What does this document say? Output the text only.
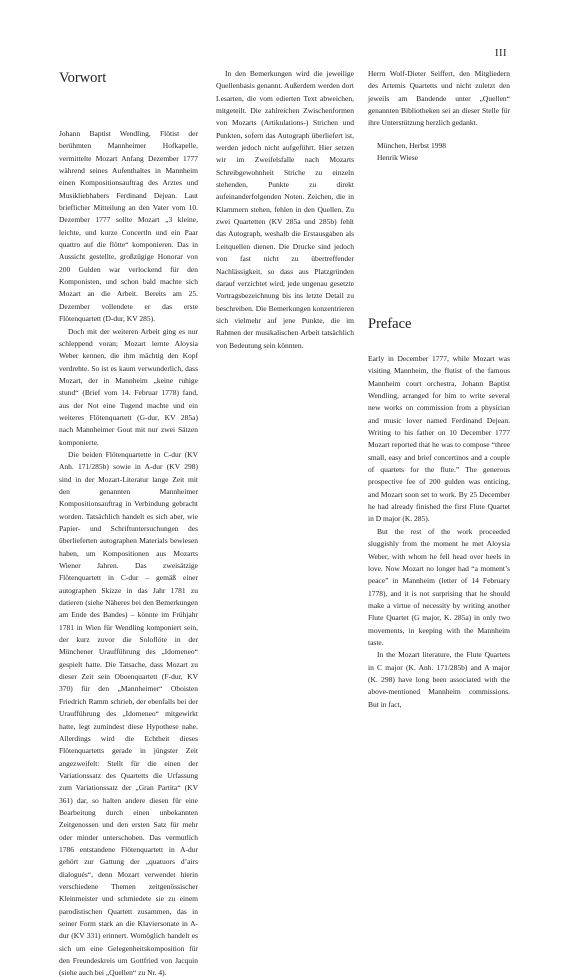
III
Vorwort

Johann Baptist Wendling, Flötist der berühmten Mannheimer Hofkapelle, vermittelte Mozart Anfang Dezember 1777 während seines Aufenthaltes in Mannheim einen Kompositionsauftrag des Arztes und Musikliebhabers Ferdinand Dejean. Laut brieflicher Mitteilung an den Vater vom 10. Dezember 1777 sollte Mozart „3 kleine, leichte, und kurze Concertln und ein Paar quattro auf die flötte“ komponieren. Das in Aussicht gestellte, großzügige Honorar von 200 Gulden war verlockend für den Komponisten, und schon bald machte sich Mozart an die Arbeit. Bereits am 25. Dezember vollendete er das erste Flötenquartett (D-dur, KV 285).

Doch mit der weiteren Arbeit ging es nur schleppend voran; Mozart lernte Aloysia Weber kennen, die ihm mächtig den Kopf verdrehte. So ist es kaum verwunderlich, dass Mozart, der in Mannheim „keine ruhige stund“ (Brief vom 14. Februar 1778) fand, aus der Not eine Tugend machte und ein weiteres Flötenquartett (G-dur, KV 285a) nach Mannheimer Gout mit nur zwei Sätzen komponierte.

Die beiden Flötenquartette in C-dur (KV Anh. 171/285b) sowie in A-dur (KV 298) sind in der Mozart-Literatur lange Zeit mit den genannten Mannheimer Kompositionsauftrag in Verbindung gebracht worden. Tatsächlich handelt es sich aber, wie Papier- und Schriftuntersuchungen des überlieferten autographen Materials bewiesen haben, um Kompositionen aus Mozarts Wiener Jahren. Das zweisätzige Flötenquartett in C-dur – gemäß einer autographen Skizze in das Jahr 1781 zu datieren (siehe Näheres bei den Bemerkungen am Ende des Bandes) – könnte im Frühjahr 1781 in Wien für Wendling komponiert sein, der kurz zuvor die Soloflöte in der Münchener Uraufführung des „Idomeneo“ gespielt hatte. Die Tatsache, dass Mozart zu dieser Zeit sein Oboenquartett (F-dur, KV 370) für den „Mannheimer“ Oboisten Friedrich Ramm schrieb, der ebenfalls bei der Uraufführung des „Idomeneo“ mitgewirkt hatte, legt zumindest diese Hypothese nahe. Allerdings wird die Echtheit dieses Flötenquartetts gerade in jüngster Zeit angezweifelt: Stellt für die einen der Variationssatz des Quartetts die Urfassung zum Variationssatz der „Gran Partita“ (KV 361) dar, so halten andere diesen für eine Bearbeitung durch einen unbekannten Zeitgenossen und den ersten Satz für mehr oder minder unterschoben. Das vermutlich 1786 entstandene Flötenquartett in A-dur gehört zur Gattung der „quatuors d’airs dialogués“, denn Mozart verwendet hierin verschiedene Themen zeitgenössischer Kleinmeister und schmiedete sie zu einem parodistischen Quartett zusammen, das in seiner Form stark an die Klaviersonate in A-dur (KV 331) erinnert. Womöglich handelt es sich um eine Gelegenheitskomposition für den Freundeskreis um Gottfried von Jacquin (siehe auch bei „Quellen“ zu Nr. 4).

In den Bemerkungen wird die jeweilige Quellenbasis genannt. Außerdem werden dort Lesarten, die vom edierten Text abweichen, mitgeteilt. Die zahlreichen Zwischenformen von Mozarts (Artikulations-) Strichen und Punkten, sofern das Autograph überliefert ist, werden jedoch nicht aufgeführt. Hier setzen wir im Zweifelsfalle nach Mozarts Schreibgewohnheit Striche zu einzeln stehenden, Punkte zu direkt aufeinanderfolgenden Noten. Zeichen, die in Klammern stehen, fehlen in den Quellen. Zu zwei Quartetten (KV 285a und 285b) fehlt das Autograph, weshalb die Erstausgaben als Leitquellen dienen. Die Drucke sind jedoch von fast nicht zu übertreffender Nachlässigkeit, so dass aus Platzgründen darauf verzichtet wird, jede ungenau gesetzte Vortragsbezeichnung bis ins letzte Detail zu beschreiben. Die Bemerkungen konzentrieren sich vielmehr auf jene Punkte, die im Rahmen der musikalischen Arbeit tatsächlich von Bedeutung sein könnten.

Herrn Wolf-Dieter Seiffert, den Mitgliedern des Artemis Quartetts und nicht zuletzt den jeweils am Bandende unter „Quellen“ genannten Bibliotheken sei an dieser Stelle für ihre Unterstützung herzlich gedankt.

München, Herbst 1998

Henrik Wiese

Preface

Early in December 1777, while Mozart was visiting Mannheim, the flutist of the famous Mannheim court orchestra, Johann Baptist Wendling, arranged for him to write several new works on commission from a physician and music lover named Ferdinand Dejean. Writing to his father on 10 December 1777 Mozart reported that he was to compose “three small, easy and brief concertinos and a couple of quartets for the flute.” The generous prospective fee of 200 gulden was enticing, and Mozart soon set to work. By 25 December he had already finished the first Flute Quartet in D major (K. 285).

But the rest of the work proceeded sluggishly from the moment he met Aloysia Weber, with whom he fell head over heels in love. Now Mozart no longer had “a moment’s peace” in Mannheim (letter of 14 February 1778), and it is not surprising that he should make a virtue of necessity by writing another Flute Quartet (G major, K. 285a) in only two movements, in keeping with the Mannheim taste.

In the Mozart literature, the Flute Quartets in C major (K. Anh. 171/285b) and A major (K. 298) have long been associated with the above-mentioned Mannheim commissions. But in fact,
